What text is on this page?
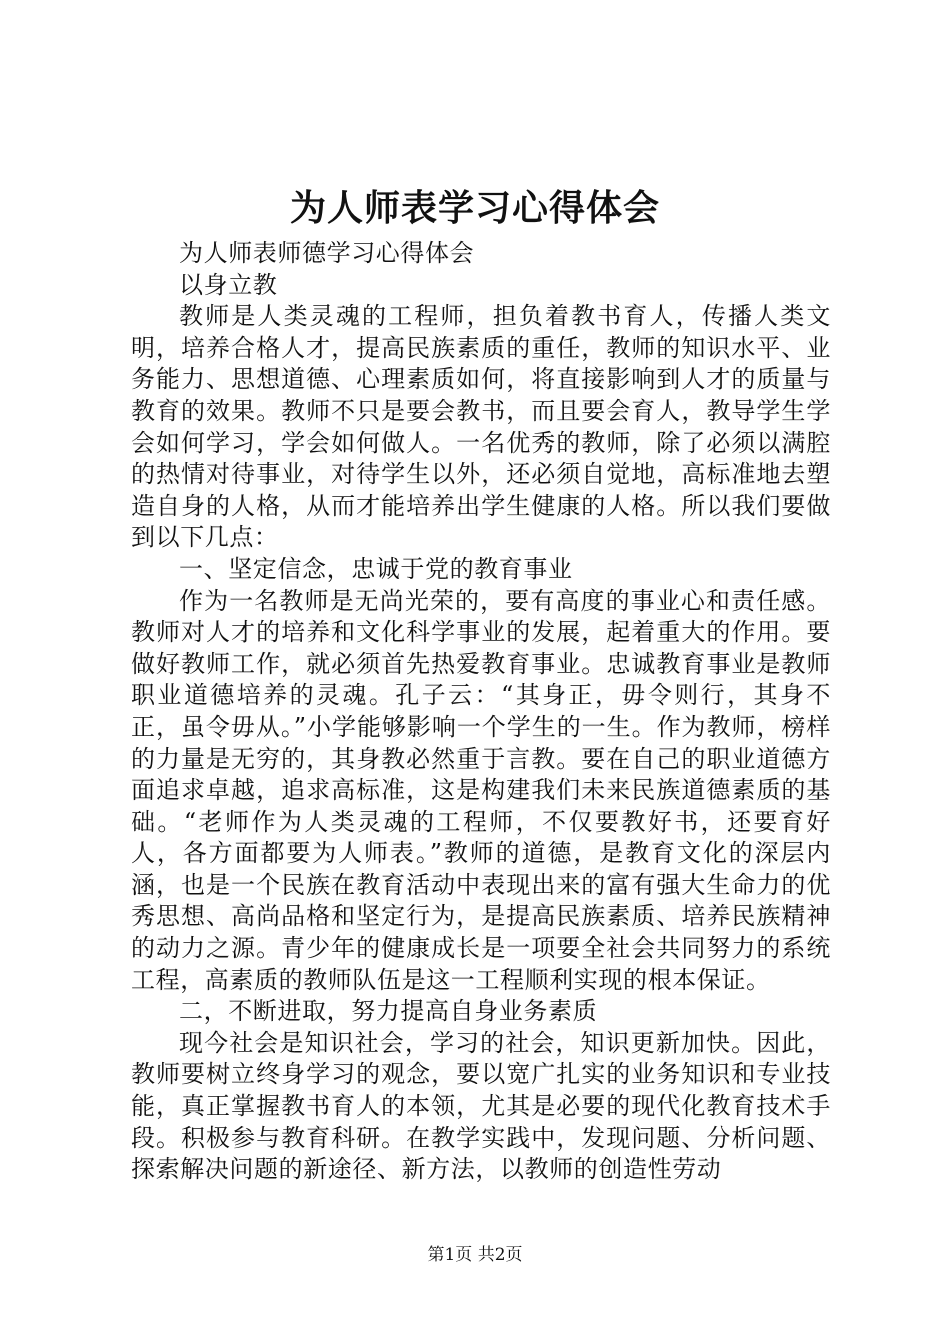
为人师表学习心得体会

为人师表师德学习心得体会

以身立教

教师是人类灵魂的工程师，担负着教书育人，传播人类文明，培养合格人才，提高民族素质的重任，教师的知识水平、业务能力、思想道德、心理素质如何，将直接影响到人才的质量与教育的效果。教师不只是要会教书，而且要会育人，教导学生学会如何学习，学会如何做人。一名优秀的教师，除了必须以满腔的热情对待事业，对待学生以外，还必须自觉地，高标准地去塑造自身的人格，从而才能培养出学生健康的人格。所以我们要做到以下几点：

一、坚定信念，忠诚于党的教育事业

作为一名教师是无尚光荣的，要有高度的事业心和责任感。教师对人才的培养和文化科学事业的发展，起着重大的作用。要做好教师工作，就必须首先热爱教育事业。忠诚教育事业是教师职业道德培养的灵魂。孔子云：“其身正，毋令则行，其身不正，虽令毋从。”小学能够影响一个学生的一生。作为教师，榜样的力量是无穷的，其身教必然重于言教。要在自己的职业道德方面追求卓越，追求高标准，这是构建我们未来民族道德素质的基础。“老师作为人类灵魂的工程师，不仅要教好书，还要育好人，各方面都要为人师表。”教师的道德，是教育文化的深层内涵，也是一个民族在教育活动中表现出来的富有强大生命力的优秀思想、高尚品格和坚定行为，是提高民族素质、培养民族精神的动力之源。青少年的健康成长是一项要全社会共同努力的系统工程，高素质的教师队伍是这一工程顺利实现的根本保证。

二，不断进取，努力提高自身业务素质

现今社会是知识社会，学习的社会，知识更新加快。因此，教师要树立终身学习的观念，要以宽广扎实的业务知识和专业技能，真正掌握教书育人的本领，尤其是必要的现代化教育技术手段。积极参与教育科研。在教学实践中，发现问题、分析问题、探索解决问题的新途径、新方法，以教师的创造性劳动

第1页 共2页
